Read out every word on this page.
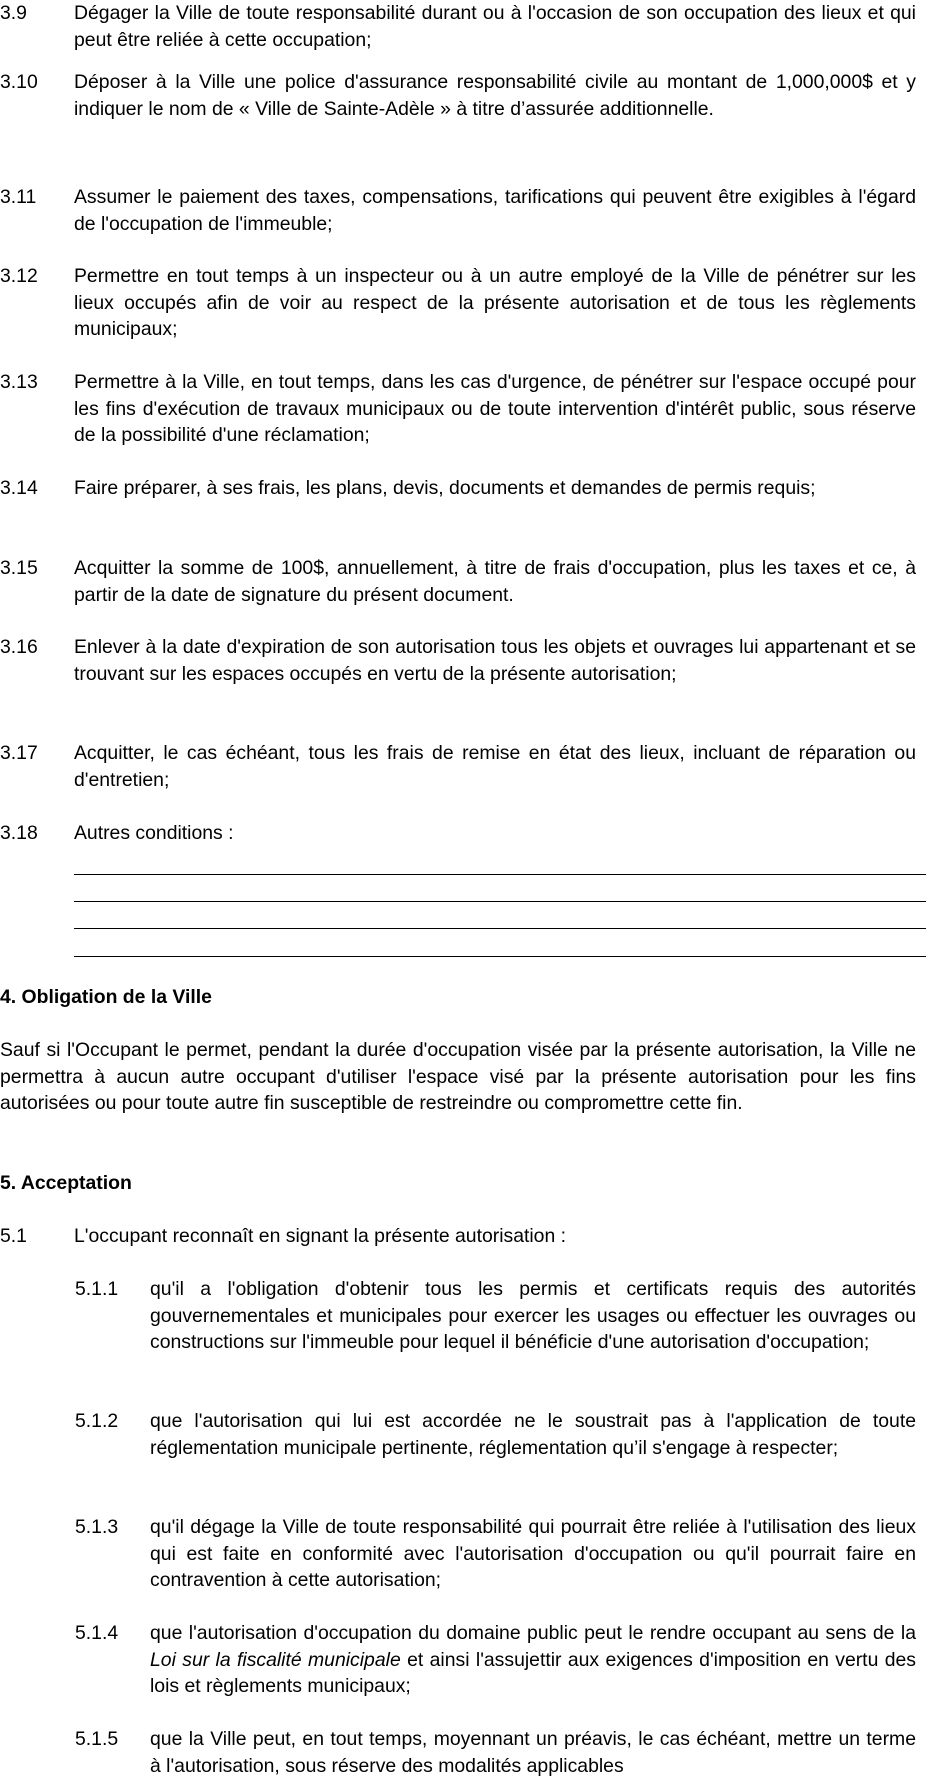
3.9 Dégager la Ville de toute responsabilité durant ou à l'occasion de son occupation des lieux et qui peut être reliée à cette occupation;
3.10 Déposer à la Ville une police d'assurance responsabilité civile au montant de 1,000,000$ et y indiquer le nom de « Ville de Sainte-Adèle » à titre d’assurée additionnelle.
3.11 Assumer le paiement des taxes, compensations, tarifications qui peuvent être exigibles à l'égard de l'occupation de l'immeuble;
3.12 Permettre en tout temps à un inspecteur ou à un autre employé de la Ville de pénétrer sur les lieux occupés afin de voir au respect de la présente autorisation et de tous les règlements municipaux;
3.13 Permettre à la Ville, en tout temps, dans les cas d'urgence, de pénétrer sur l'espace occupé pour les fins d'exécution de travaux municipaux ou de toute intervention d'intérêt public, sous réserve de la possibilité d'une réclamation;
3.14 Faire préparer, à ses frais, les plans, devis, documents et demandes de permis requis;
3.15 Acquitter la somme de 100$, annuellement, à titre de frais d'occupation, plus les taxes et ce, à partir de la date de signature du présent document.
3.16 Enlever à la date d'expiration de son autorisation tous les objets et ouvrages lui appartenant et se trouvant sur les espaces occupés en vertu de la présente autorisation;
3.17 Acquitter, le cas échéant, tous les frais de remise en état des lieux, incluant de réparation ou d'entretien;
3.18 Autres conditions :
4. Obligation de la Ville
Sauf si l'Occupant le permet, pendant la durée d'occupation visée par la présente autorisation, la Ville ne permettra à aucun autre occupant d'utiliser l'espace visé par la présente autorisation pour les fins autorisées ou pour toute autre fin susceptible de restreindre ou compromettre cette fin.
5. Acceptation
5.1 L'occupant reconnaît en signant la présente autorisation :
5.1.1 qu'il a l'obligation d'obtenir tous les permis et certificats requis des autorités gouvernementales et municipales pour exercer les usages ou effectuer les ouvrages ou constructions sur l'immeuble pour lequel il bénéficie d'une autorisation d'occupation;
5.1.2 que l'autorisation qui lui est accordée ne le soustrait pas à l'application de toute réglementation municipale pertinente, réglementation qu’il s'engage à respecter;
5.1.3 qu'il dégage la Ville de toute responsabilité qui pourrait être reliée à l'utilisation des lieux qui est faite en conformité avec l'autorisation d'occupation ou qu'il pourrait faire en contravention à cette autorisation;
5.1.4 que l'autorisation d'occupation du domaine public peut le rendre occupant au sens de la Loi sur la fiscalité municipale et ainsi l'assujettir aux exigences d'imposition en vertu des lois et règlements municipaux;
5.1.5 que la Ville peut, en tout temps, moyennant un préavis, le cas échéant, mettre un terme à l'autorisation, sous réserve des modalités applicables
